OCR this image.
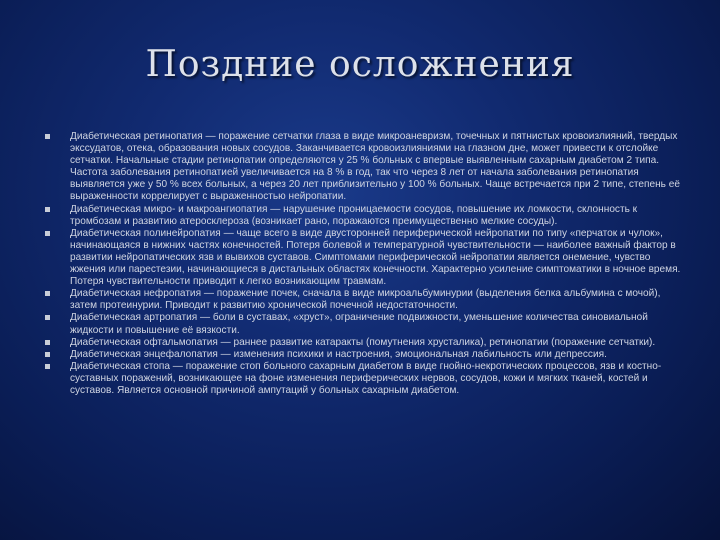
Поздние осложнения
Диабетическая ретинопатия — поражение сетчатки глаза в виде микроаневризм, точечных и пятнистых кровоизлияний, твердых экссудатов, отека, образования новых сосудов. Заканчивается кровоизлияниями на глазном дне, может привести к отслойке сетчатки. Начальные стадии ретинопатии определяются у 25 % больных с впервые выявленным сахарным диабетом 2 типа. Частота заболевания ретинопатией увеличивается на 8 % в год, так что через 8 лет от начала заболевания ретинопатия выявляется уже у 50 % всех больных, а через 20 лет приблизительно у 100 % больных. Чаще встречается при 2 типе, степень её выраженности коррелирует с выраженностью нейропатии.
Диабетическая микро- и макроангиопатия — нарушение проницаемости сосудов, повышение их ломкости, склонность к тромбозам и развитию атеросклероза (возникает рано, поражаются преимущественно мелкие сосуды).
Диабетическая полинейропатия — чаще всего в виде двусторонней периферической нейропатии по типу «перчаток и чулок», начинающаяся в нижних частях конечностей. Потеря болевой и температурной чувствительности — наиболее важный фактор в развитии нейропатических язв и вывихов суставов. Симптомами периферической нейропатии является онемение, чувство жжения или парестезии, начинающиеся в дистальных областях конечности. Характерно усиление симптоматики в ночное время. Потеря чувствительности приводит к легко возникающим травмам.
Диабетическая нефропатия — поражение почек, сначала в виде микроальбуминурии (выделения белка альбумина с мочой), затем протеинурии. Приводит к развитию хронической почечной недостаточности.
Диабетическая артропатия — боли в суставах, «хруст», ограничение подвижности, уменьшение количества синовиальной жидкости и повышение её вязкости.
Диабетическая офтальмопатия — раннее развитие катаракты (помутнения хрусталика), ретинопатии (поражение сетчатки).
Диабетическая энцефалопатия — изменения психики и настроения, эмоциональная лабильность или депрессия.
Диабетическая стопа — поражение стоп больного сахарным диабетом в виде гнойно-некротических процессов, язв и костно-суставных поражений, возникающее на фоне изменения периферических нервов, сосудов, кожи и мягких тканей, костей и суставов. Является основной причиной ампутаций у больных сахарным диабетом.
